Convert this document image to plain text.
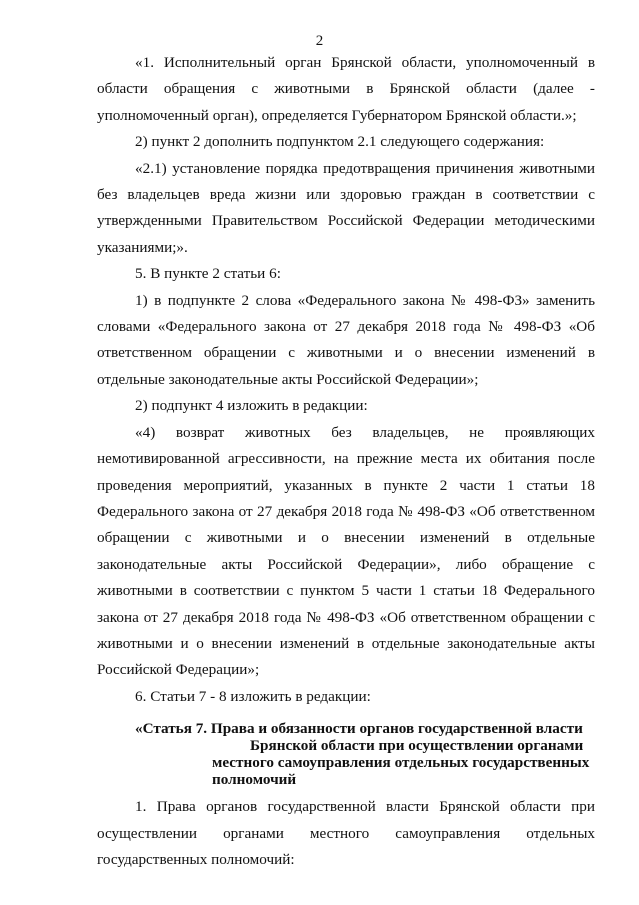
2

«1. Исполнительный орган Брянской области, уполномоченный в области обращения с животными в Брянской области (далее - уполномоченный орган), определяется Губернатором Брянской области.»;

2) пункт 2 дополнить подпунктом 2.1 следующего содержания:

«2.1) установление порядка предотвращения причинения животными без владельцев вреда жизни или здоровью граждан в соответствии с утвержденными Правительством Российской Федерации методическими указаниями;».

5. В пункте 2 статьи 6:

1) в подпункте 2 слова «Федерального закона № 498-ФЗ» заменить словами «Федерального закона от 27 декабря 2018 года № 498-ФЗ «Об ответственном обращении с животными и о внесении изменений в отдельные законодательные акты Российской Федерации»;

2) подпункт 4 изложить в редакции:

«4) возврат животных без владельцев, не проявляющих немотивированной агрессивности, на прежние места их обитания после проведения мероприятий, указанных в пункте 2 части 1 статьи 18 Федерального закона от 27 декабря 2018 года № 498-ФЗ «Об ответственном обращении с животными и о внесении изменений в отдельные законодательные акты Российской Федерации», либо обращение с животными в соответствии с пунктом 5 части 1 статьи 18 Федерального закона от 27 декабря 2018 года № 498-ФЗ «Об ответственном обращении с животными и о внесении изменений в отдельные законодательные акты Российской Федерации»;

6. Статьи 7 - 8 изложить в редакции:

«Статья 7. Права и обязанности органов государственной власти
Брянской области при осуществлении органами местного самоуправления отдельных государственных полномочий

1. Права органов государственной власти Брянской области при осуществлении органами местного самоуправления отдельных государственных полномочий:
